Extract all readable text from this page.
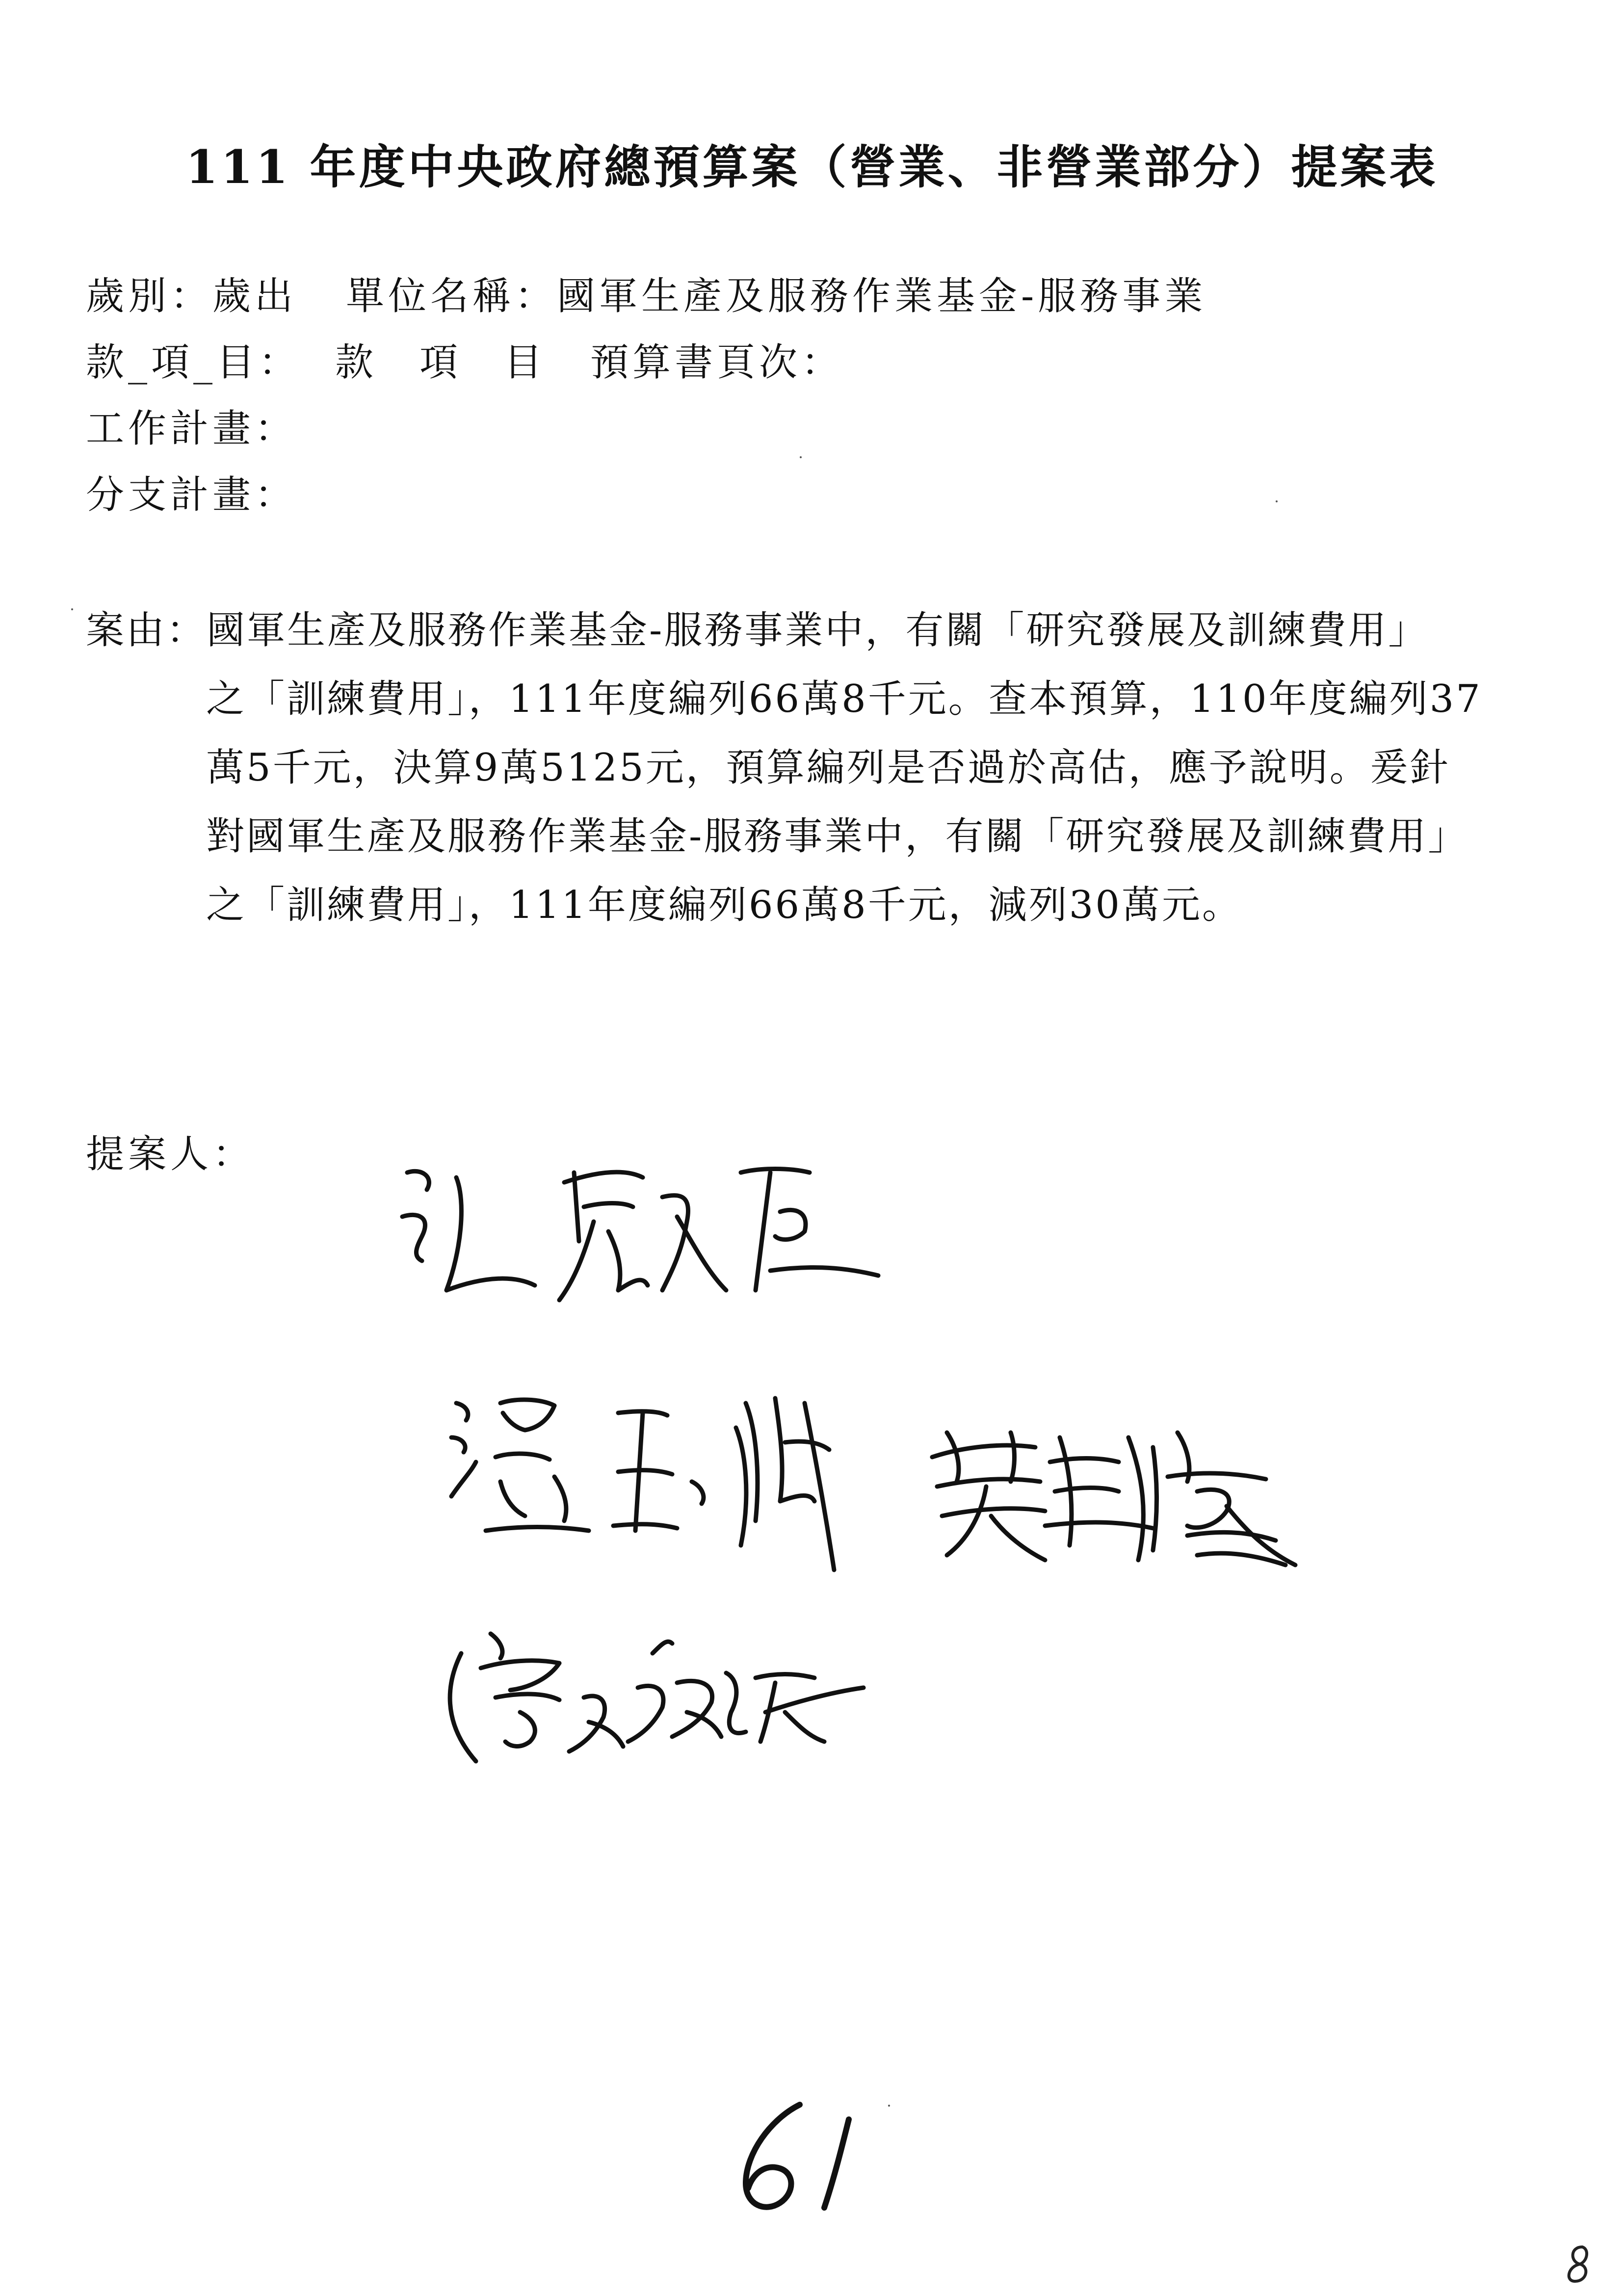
111 年度中央政府總預算案（營業、非營業部分）提案表
歲別：歲出 單位名稱：國軍生產及服務作業基金-服務事業
款_項_目： 款　項　目 預算書頁次：
工作計畫：
分支計畫：
案由：國軍生產及服務作業基金-服務事業中，有關「研究發展及訓練費用」
之「訓練費用」，111年度編列66萬8千元。查本預算，110年度編列37
萬5千元，決算9萬5125元，預算編列是否過於高估，應予說明。爰針
對國軍生產及服務作業基金-服務事業中，有關「研究發展及訓練費用」
之「訓練費用」，111年度編列66萬8千元，減列30萬元。
提案人：
